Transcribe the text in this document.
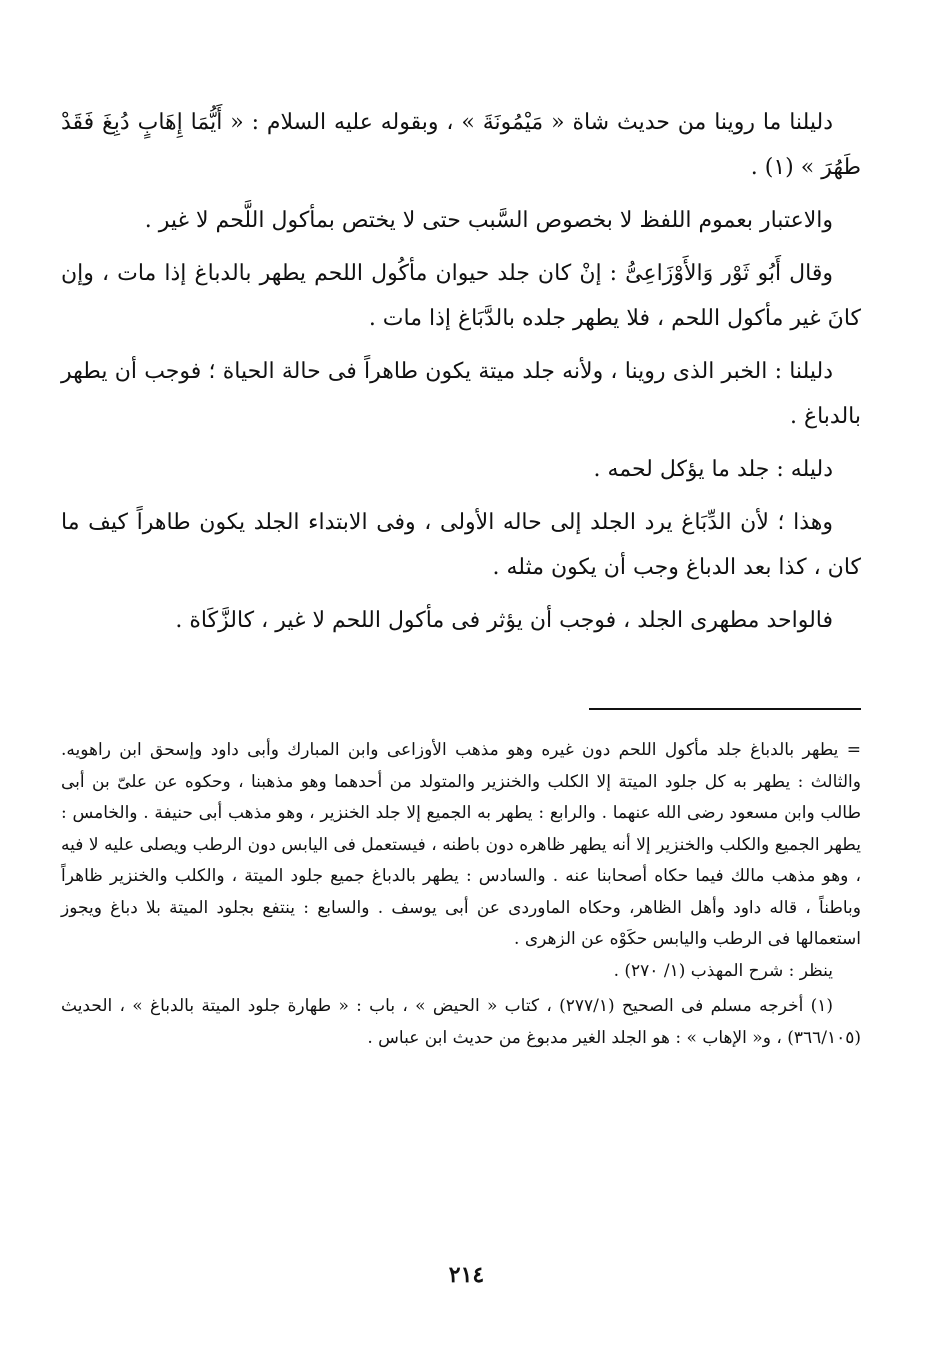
دليلنا ما روينا من حديث شاة « مَيْمُونَةَ » ، وبقوله عليه السلام : « أَيُّمَا إِهَابٍ دُبِغَ فَقَدْ طَهُرَ » (١) .

والاعتبار بعموم اللفظ لا بخصوص السَّبب حتى لا يختص بمأكول اللَّحم لا غير .

وقال أَبُو ثَوْر وَالأَوْزَاعِىُّ : إنْ كان جلد حيوان مأكُول اللحم يطهر بالدباغ إذا مات ، وإن كانَ غير مأكول اللحم ، فلا يطهر جلده بالدَّبَاغ إذا مات .

دليلنا : الخبر الذى روينا ، ولأنه جلد ميتة يكون طاهراً فى حالة الحياة ؛ فوجب أن يطهر بالدباغ .

دليله : جلد ما يؤكل لحمه .

وهذا ؛ لأن الدِّبَاغ يرد الجلد إلى حاله الأولى ، وفى الابتداء الجلد يكون طاهراً كيف ما كان ، كذا بعد الدباغ وجب أن يكون مثله .

فالواحد مطهرى الجلد ، فوجب أن يؤثر فى مأكول اللحم لا غير ، كالزَّكَاة .

= يطهر بالدباغ جلد مأكول اللحم دون غيره وهو مذهب الأوزاعى وابن المبارك وأبى داود وإسحق ابن راهويه. والثالث : يطهر به كل جلود الميتة إلا الكلب والخنزير والمتولد من أحدهما وهو مذهبنا ، وحكوه عن علىّ بن أبى طالب وابن مسعود رضى الله عنهما . والرابع : يطهر به الجميع إلا جلد الخنزير ، وهو مذهب أبى حنيفة . والخامس : يطهر الجميع والكلب والخنزير إلا أنه يطهر ظاهره دون باطنه ، فيستعمل فى اليابس دون الرطب ويصلى عليه لا فيه ، وهو مذهب مالك فيما حكاه أصحابنا عنه . والسادس : يطهر بالدباغ جميع جلود الميتة ، والكلب والخنزير ظاهراً وباطناً ، قاله داود وأهل الظاهر، وحكاه الماوردى عن أبى يوسف . والسابع : ينتفع بجلود الميتة بلا دباغ ويجوز استعمالها فى الرطب واليابس حكَوْه عن الزهرى .

ينظر : شرح المهذب (١/ ٢٧٠) .

(١) أخرجه مسلم فى الصحيح (٢٧٧/١) ، كتاب « الحيض » ، باب : « طهارة جلود الميتة بالدباغ » ، الحديث (٣٦٦/١٠٥) ، و« الإهاب » : هو الجلد الغير مدبوغ من حديث ابن عباس .

٢١٤
